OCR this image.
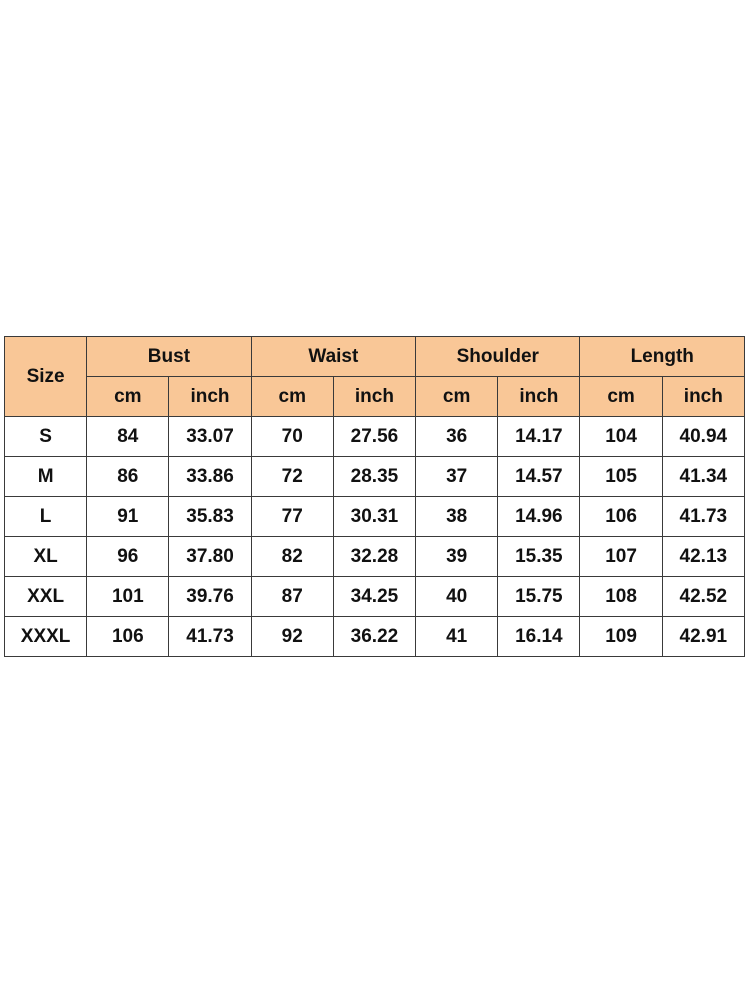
Size	Bust		Waist		Shoulder		Length	
	cm	inch	cm	inch	cm	inch	cm	inch
S	84	33.07	70	27.56	36	14.17	104	40.94
M	86	33.86	72	28.35	37	14.57	105	41.34
L	91	35.83	77	30.31	38	14.96	106	41.73
XL	96	37.80	82	32.28	39	15.35	107	42.13
XXL	101	39.76	87	34.25	40	15.75	108	42.52
XXXL	106	41.73	92	36.22	41	16.14	109	42.91
